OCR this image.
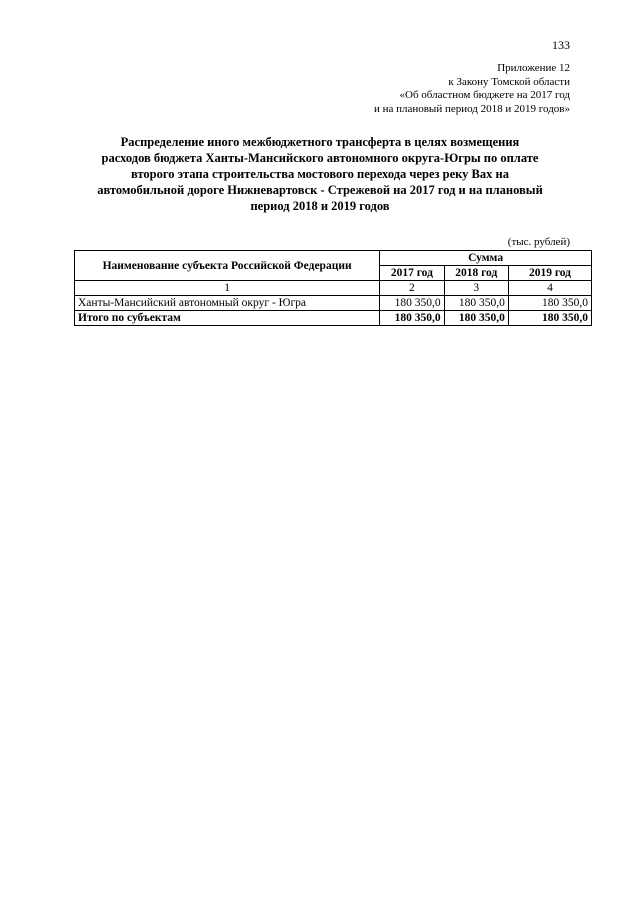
133
Приложение 12
к Закону Томской области
«Об областном бюджете на 2017 год
и на плановый период 2018 и 2019 годов»
Распределение иного межбюджетного трансферта в целях возмещения
расходов бюджета Ханты-Мансийского автономного округа-Югры по оплате
второго этапа строительства мостового перехода через реку Вах на
автомобильной дороге Нижневартовск - Стрежевой на 2017 год и на плановый
период 2018 и 2019 годов
(тыс. рублей)
Наименование субъекта Российской Федерации	Сумма		
	2017 год	2018 год	2019 год
1	2	3	4
Ханты-Мансийский автономный округ - Югра	180 350,0	180 350,0	180 350,0
Итого по субъектам	180 350,0	180 350,0	180 350,0
